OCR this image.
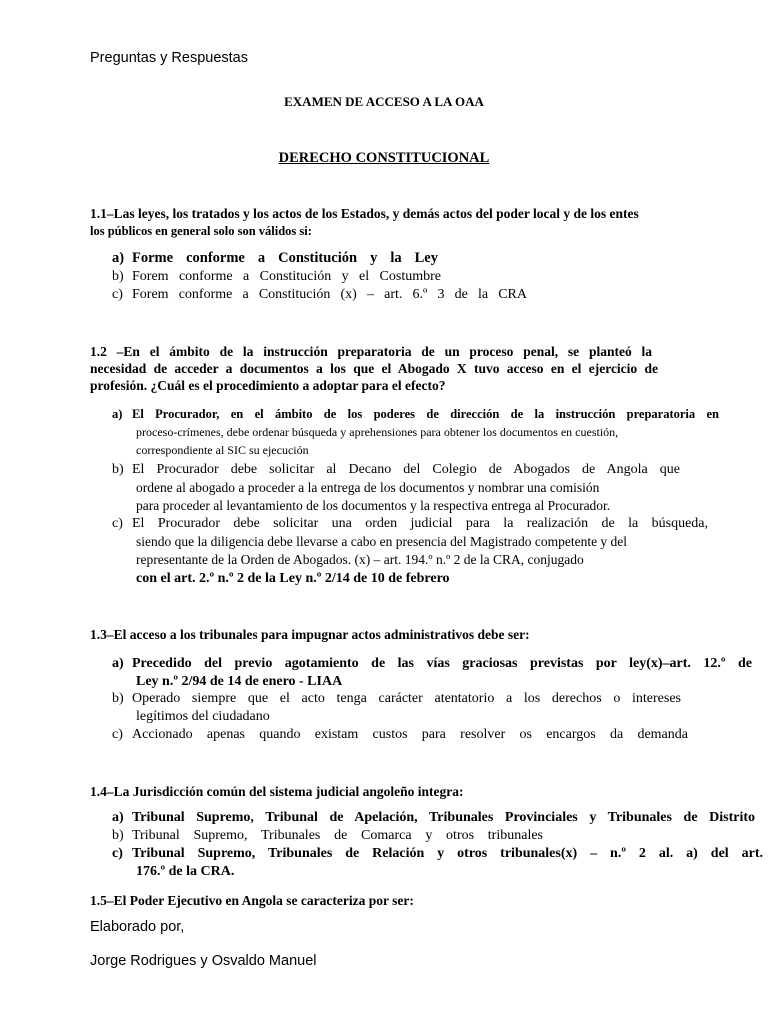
Preguntas y Respuestas

EXAMEN DE ACCESO A LA OAA
DERECHO CONSTITUCIONAL

1.1–Las leyes, los tratados y los actos de los Estados, y demás actos del poder local y de los entes

los públicos en general solo son válidos si:

a) Forme conforme a Constitución y la Ley

b) Forem conforme a Constitución y el Costumbre

c) Forem conforme a Constitución (x) – art. 6.º 3 de la CRA

1.2 –En el ámbito de la instrucción preparatoria de un proceso penal, se planteó la

necesidad de acceder a documentos a los que el Abogado X tuvo acceso en el ejercicio de

profesión. ¿Cuál es el procedimiento a adoptar para el efecto?

a) El Procurador, en el ámbito de los poderes de dirección de la instrucción preparatoria en

proceso-crímenes, debe ordenar búsqueda y aprehensiones para obtener los documentos en cuestión,

correspondiente al SIC su ejecución

b) El Procurador debe solicitar al Decano del Colegio de Abogados de Angola que

ordene al abogado a proceder a la entrega de los documentos y nombrar una comisión

para proceder al levantamiento de los documentos y la respectiva entrega al Procurador.

c) El Procurador debe solicitar una orden judicial para la realización de la búsqueda,

siendo que la diligencia debe llevarse a cabo en presencia del Magistrado competente y del

representante de la Orden de Abogados. (x) – art. 194.º n.º 2 de la CRA, conjugado

con el art. 2.º n.º 2 de la Ley n.º 2/14 de 10 de febrero

1.3–El acceso a los tribunales para impugnar actos administrativos debe ser:

a) Precedido del previo agotamiento de las vías graciosas previstas por ley(x)–art. 12.º de

Ley n.º 2/94 de 14 de enero - LIAA

b) Operado siempre que el acto tenga carácter atentatorio a los derechos o intereses

legítimos del ciudadano

c) Accionado apenas quando existam custos para resolver os encargos da demanda

1.4–La Jurisdicción común del sistema judicial angoleño integra:

a) Tribunal Supremo, Tribunal de Apelación, Tribunales Provinciales y Tribunales de Distrito

b) Tribunal Supremo, Tribunales de Comarca y otros tribunales

c) Tribunal Supremo, Tribunales de Relación y otros tribunales(x) – n.º 2 al. a) del art.

176.º de la CRA.

1.5–El Poder Ejecutivo en Angola se caracteriza por ser:

Elaborado por,

Jorge Rodrigues y Osvaldo Manuel
